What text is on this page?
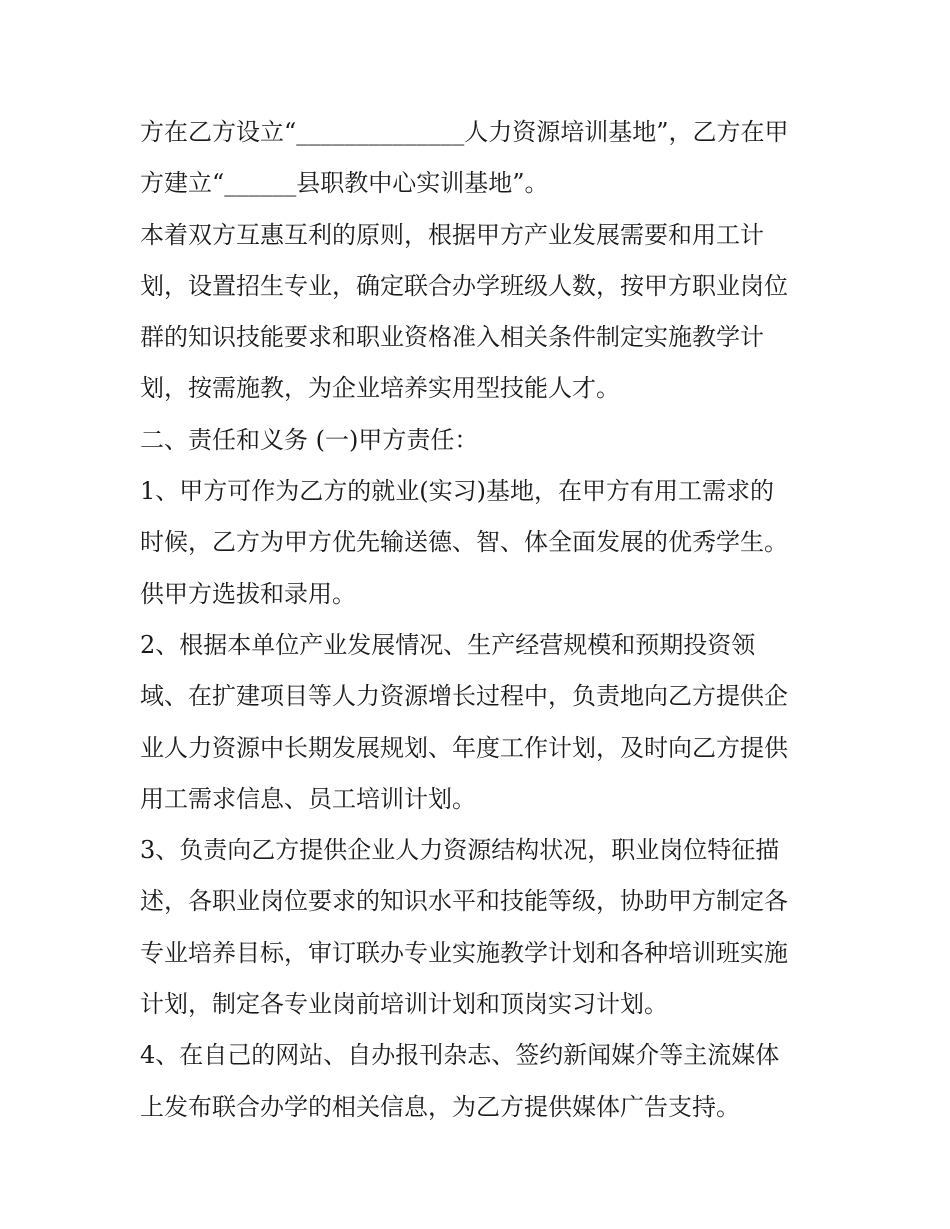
方在乙方设立“______________人力资源培训基地”，乙方在甲
方建立“______县职教中心实训基地”。
本着双方互惠互利的原则，根据甲方产业发展需要和用工计
划，设置招生专业，确定联合办学班级人数，按甲方职业岗位
群的知识技能要求和职业资格准入相关条件制定实施教学计
划，按需施教，为企业培养实用型技能人才。
二、责任和义务 (一)甲方责任：
1、甲方可作为乙方的就业(实习)基地，在甲方有用工需求的
时候，乙方为甲方优先输送德、智、体全面发展的优秀学生。
供甲方选拔和录用。
2、根据本单位产业发展情况、生产经营规模和预期投资领
域、在扩建项目等人力资源增长过程中，负责地向乙方提供企
业人力资源中长期发展规划、年度工作计划，及时向乙方提供
用工需求信息、员工培训计划。
3、负责向乙方提供企业人力资源结构状况，职业岗位特征描
述，各职业岗位要求的知识水平和技能等级，协助甲方制定各
专业培养目标，审订联办专业实施教学计划和各种培训班实施
计划，制定各专业岗前培训计划和顶岗实习计划。
4、在自己的网站、自办报刊杂志、签约新闻媒介等主流媒体
上发布联合办学的相关信息，为乙方提供媒体广告支持。
